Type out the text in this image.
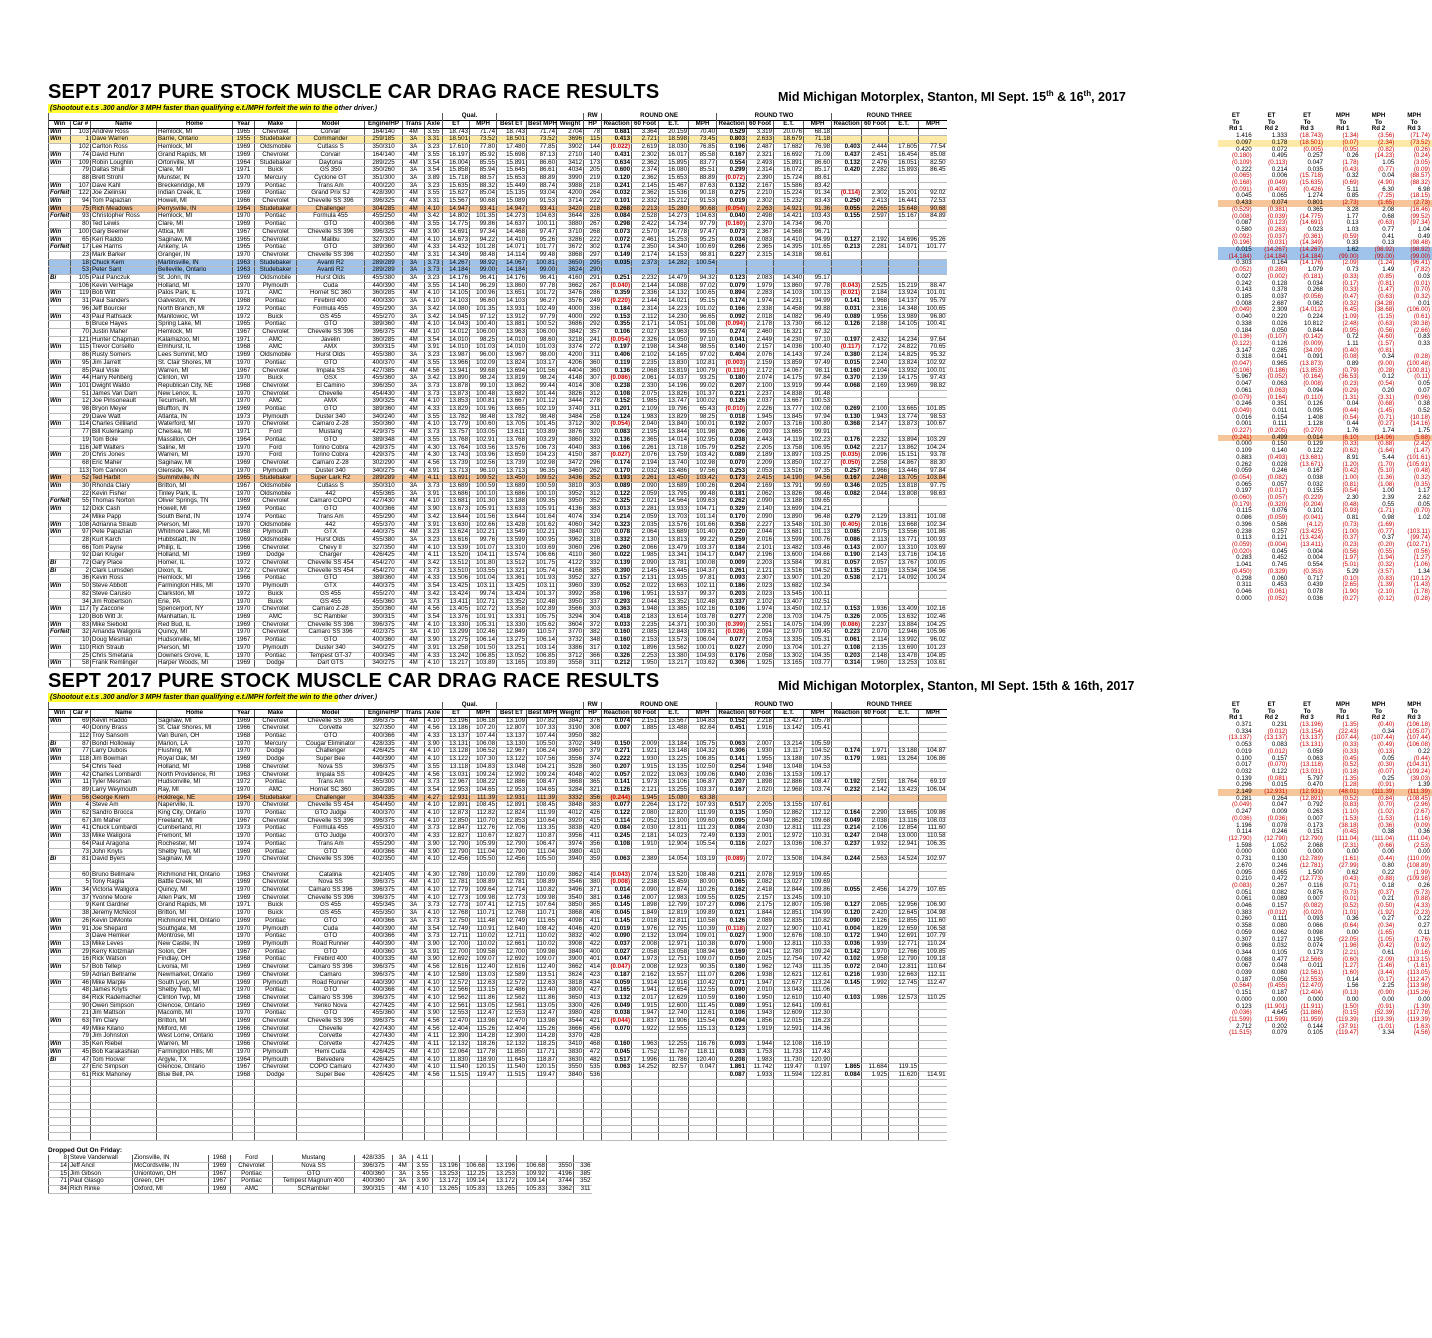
SEPT 2017 PURE STOCK MUSCLE CAR DRAG RACE RESULTS	Mid Michigan Motorplex, Stanton, MI Sept. 15th & 16th, 2017
(Shootout e.t.s .300 and/or 3 MPH faster than qualifying e.t./MPH forfeit the win to the other driver.)
										Qual.					RW	ROUND ONE				ROUND TWO				ROUND THREE			
Win	Car #	Name	Home	Year	Make	Model	Engine/HP	Trans	Axle	ET	MPH	Best ET	Best MPH	Weight	HP	Reaction	60 Foot	E.T.	MPH	Reaction	60 Foot	E.T.	MPH	Reaction	60 Foot	E.T.	MPH
Win	103	Andrew Ross	Hemlock, MI	1965	Chevrolet	Corvair	164/140	4M	3.55	18.743	71.74	18.743	71.74	2704	78	0.681	3.364	20.159	70.40	0.529	3.319	20.076	68.18				
Win	1	Dave Warren	Barrie, Ontario	1955	Studebaker	Commander	259/185	3A	3.31	18.501	73.52	18.501	73.52	3696	115	0.413	2.721	18.598	73.45	0.803	2.633	18.679	71.18				
	102	Carlton Ross	Hemlock, MI	1969	Oldsmobile	Cutlass S	350/310	3A	3.23	17.610	77.80	17.480	77.85	3902	144	(0.022)	2.619	18.030	76.85	0.196	2.487	17.682	76.98	0.403	2.444	17.605	77.54
Win	74	David Huhn	Grand Rapids, MI	1969	Chevrolet	Corvair	164/140	4M	3.55	16.197	85.92	15.698	87.13	2710	140	0.431	2.302	16.017	85.58	0.167	2.321	16.692	71.09	0.437	2.451	16.454	85.08
Win	109	Robin Loughlin	Ortonville, MI	1964	Studebaker	Daytona	289/225	4M	3.54	16.004	85.55	15.891	86.60	3412	173	0.634	2.362	15.895	83.77	0.554	2.493	15.891	86.60	0.132	2.476	16.051	82.50
	79	Dallas Shull	Clare, MI	1971	Buick	GS 350	350/260	3A	3.54	15.858	85.94	15.645	86.61	4034	205	0.600	2.374	16.080	85.51	0.299	2.314	16.072	85.17	0.420	2.282	15.893	86.45
	88	Brett Strohl	Munster, IN	1970	Mercury	Cyclone GT	351/300	3A	3.89	15.718	88.57	15.653	88.89	3990	219	0.120	2.362	15.653	88.89	(0.072)	2.390	15.724	88.61				
Win	107	Dave Kahl	Breckenridge, MI	1979	Pontiac	Trans Am	400/220	3A	3.23	15.635	88.32	15.449	88.74	3988	218	0.241	2.145	15.467	87.63	0.132	2.167	15.586	83.42				
Forfeit	122	Joe Zielinski	Indian Creek, IL	1969	Pontiac	Grand Prix SJ	428/390	4M	3.55	15.627	85.04	15.135	93.04	4200	264	0.032	2.362	15.536	90.18	0.275	2.210	15.224	91.34	(0.114)	2.302	15.201	92.02
Win	94	Tom Papazian	Howell, MI	1966	Chevrolet	Chevelle SS 396	396/325	4M	3.31	15.567	90.68	15.089	91.53	3714	222	0.101	2.332	15.212	91.53	0.019	2.302	15.232	83.43	0.250	2.413	16.441	72.53
Win	75	Rich Meadows	Perrysville, IN	1964	Studebaker	Challenger	304/285	4M	4.10	14.947	93.41	14.947	93.41	3420	218	0.268	2.213	15.280	90.68	(0.054)	2.263	14.921	91.36	0.055	2.265	15.648	90.68
Forfeit	93	Christopher Ross	Hemlock, MI	1970	Pontiac	Formula 455	455/250	4M	3.42	14.802	101.35	14.273	104.63	3644	326	0.084	2.528	14.273	104.63	0.040	2.498	14.421	103.43	0.155	2.597	15.167	84.89
	80	Ted Lewis	Clare, MI	1969	Pontiac	GTO	400/366	4M	3.55	14.775	99.86	14.637	100.11	3880	267	0.298	2.422	14.734	97.79	(0.160)	2.370	14.734	96.70				
Win	100	Gary Beemer	Attica, MI	1967	Chevrolet	Chevelle SS 396	396/325	4M	3.90	14.691	97.34	14.468	97.47	3710	268	0.073	2.570	14.778	97.47	0.073	2.367	14.568	96.71				
Win	65	Keri Raddo	Saginaw, MI	1965	Chevrolet	Malibu	327/300	4M	4.10	14.673	94.22	14.410	95.26	3286	222	0.072	2.461	15.253	95.25	0.034	2.083	14.410	94.99	0.127	2.192	14.696	95.26
Forfeit	17	Lee Harms	Ankeny, IA	1965	Pontiac	GTO	389/360	4M	4.33	14.432	101.28	14.071	101.77	3672	302	0.174	2.350	14.340	100.69	0.266	2.365	14.395	101.65	0.213	2.281	14.071	101.77
	23	Mark Barker	Granger, IN	1970	Chevrolet	Chevelle SS 396	402/350	4M	3.31	14.349	98.48	14.114	99.48	3868	297	0.149	2.174	14.153	98.81	0.227	2.315	14.318	98.61				
	18	Chuck Kern	Martinsville, IN	1963	Studebaker	Avanti R2	289/289	3A	3.73	14.267	98.92	14.067	100.81	3650	295	0.035	2.373	14.282	100.54								
	53	Peter Sant	Belleville, Ontario	1963	Studebaker	Avanti R2	289/289	3A	3.73	14.184	99.00	14.184	99.00	3624	290												
Bi	105	Paul Panczuk	St. John, IN	1969	Oldsmobile	Hurst Olds	455/380	3A	3.23	14.176	96.41	14.176	96.41	4160	291	0.251	2.232	14.479	94.32	0.123	2.083	14.340	95.17				
	106	Kevin VerHage	Holland, MI	1970	Plymouth	Cuda	440/390	4M	3.55	14.140	96.29	13.860	97.78	3662	267	(0.040)	2.144	14.088	97.02	0.079	1.979	13.860	97.78	(0.043)	2.525	15.219	88.47
Win	119	Bob Witt	Palos Park, IL	1971	AMC	Hornet SC 360	360/285	4M	4.10	14.105	100.96	13.651	101.72	3476	286	0.359	2.336	14.132	100.65	0.894	2.283	14.103	100.13	(0.021)	2.184	13.924	101.01
Win	31	Paul Sanders	Galveston, IN	1968	Pontiac	Firebird 400	400/330	3A	4.10	14.103	96.60	14.103	96.27	3576	249	(0.220)	2.144	14.021	95.15	0.174	1.974	14.231	94.99	0.141	1.968	14.137	95.79
	96	Jeff Bourcier	North Branch, MI	1972	Pontiac	Formula 455	455/290	3A	3.42	14.080	101.35	13.931	102.49	4000	336	0.184	2.314	14.223	101.02	0.166	2.338	14.458	99.88	0.031	2.316	14.348	100.65
Win	43	Paul Rathsack	Manitowoc, WI	1972	Buick	GS 455	455/270	3A	3.42	14.045	97.12	13.912	97.79	4000	292	0.153	2.112	14.230	96.65	0.092	2.018	14.082	96.49	0.089	1.956	13.989	96.80
	6	Bruce Hayes	Spring Lake, MI	1965	Pontiac	GTO	389/360	4M	4.10	14.043	100.40	13.881	100.52	3686	292	0.355	2.171	14.051	101.08	(0.094)	2.178	13.730	66.12	0.126	2.188	14.105	100.41
	70	Justin Maher	Hemlock, MI	1967	Chevrolet	Chevelle SS 396	396/375	4M	4.10	14.012	106.00	13.963	106.00	3842	357	0.106	2.027	13.963	99.55	0.274	2.460	16.321	67.32				
	121	Hunter Chapman	Kalamazoo, MI	1971	AMC	Javelin	360/285	4M	3.54	14.010	98.25	14.010	98.60	3218	241	(0.054)	2.326	14.050	97.10	0.041	2.449	14.230	97.10	0.197	2.432	14.234	97.64
Win	115	Trevor Corsello	Elmhurst, IL	1968	AMC	AMX	390/315	4M	3.91	14.010	101.03	14.010	101.03	3374	272	0.197	2.198	14.348	98.55	0.140	2.157	14.036	100.40	(0.117)	7.172	24.822	70.65
	86	Rusty Somers	Lees Summit, MO	1969	Oldsmobile	Hurst Olds	455/380	3A	3.23	13.987	96.00	13.967	98.00	4200	311	0.406	2.102	14.165	97.02	0.404	2.076	14.143	97.24	0.380	2.124	14.825	95.32
Win	95	Jim Jarrett	St. Clair Shores, MI	1970	Pontiac	GTO	400/370	4M	3.55	13.966	102.09	13.824	103.17	4206	360	0.119	2.235	13.830	102.81	(0.003)	2.159	13.859	97.49	0.015	2.240	13.824	102.92
	85	Paul Visle	Warren, MI	1967	Chevrolet	Impala SS	427/385	4M	4.56	13.941	99.68	13.694	101.56	4404	360	0.136	2.068	13.819	100.79	(0.110)	2.172	14.067	98.11	0.160	2.104	13.932	100.01
Win	44	Harry Rehberg	Clinton, WI	1970	Buick	GSX	455/360	3A	3.42	13.890	98.24	13.819	98.24	4148	307	(0.086)	2.061	14.037	93.25	0.180	2.074	14.175	97.84	0.370	2.139	14.175	97.43
Win	101	Dwight Waldo	Republican City, NE	1968	Chevrolet	El Camino	396/350	3A	3.73	13.878	99.10	13.862	99.44	4014	308	0.238	2.330	14.196	99.02	0.207	2.100	13.919	99.44	0.068	2.169	13.969	98.82
	51	James Van Dam	New Lenox, IL	1970	Chevrolet	Chevelle	454/430	4M	3.73	13.873	100.48	13.682	101.44	3826	312	0.108	2.075	13.826	101.37	0.221	2.237	14.838	91.48				
Win	12	Joe Pinsoneault	Tecumseh, MI	1970	AMC	AMX	390/325	4M	4.10	13.853	100.81	13.667	101.12	3444	278	0.152	1.985	13.747	100.02	0.126	2.037	13.667	100.53				
	98	Bryon Meyer	Bluffton, IN	1969	Pontiac	GTO	389/360	4M	4.33	13.829	101.96	13.665	102.19	3740	311	0.201	2.109	19.796	65.43	(0.010)	2.226	13.777	102.08	0.269	2.100	13.665	101.85
	29	Dave Watt	Atlanta, IN	1973	Plymouth	Duster 340	340/240	4M	3.55	13.782	98.48	13.782	98.48	3484	258	0.124	1.983	13.829	98.25	0.018	1.945	13.845	97.94	0.130	1.943	13.774	98.53
Win	114	Charles Gilliland	Waterford, MI	1970	Chevrolet	Camaro Z-28	350/360	4M	4.10	13.779	100.60	13.705	101.45	3712	302	(0.054)	2.040	13.840	100.01	0.192	2.007	13.716	100.80	0.368	2.147	13.873	100.67
	77	Bill Kulenkamp	Chelsea, MI	1971	Ford	Mustang	429/375	4M	3.73	13.757	103.05	13.611	103.89	3876	320	0.083	2.195	13.844	101.98	0.206	2.093	13.665	99.91				
	19	Tom Bole	Massillon, OH	1964	Pontiac	GTO	389/348	4M	3.55	13.768	102.91	13.768	103.29	3860	332	0.136	2.365	14.014	102.95	0.038	2.443	14.119	102.23	0.176	2.232	13.894	103.29
	116	Jeff Walters	Saline, MI	1970	Ford	Torino Cobra	429/375	4M	4.30	13.764	103.56	13.576	106.73	4040	383	0.166	2.261	13.718	105.79	0.252	2.205	13.758	106.95	0.042	2.217	13.862	104.24
Win	20	Chris Jones	Warren, MI	1970	Ford	Torino Cobra	429/375	4M	4.30	13.743	103.96	13.659	104.23	4150	387	(0.027)	2.076	13.759	103.42	0.089	2.189	13.897	103.25	(0.035)	2.096	15.151	93.78
	68	Eric Maher	Saginaw, MI	1969	Chevrolet	Camaro Z-28	302/290	4M	4.56	13.739	102.56	13.739	102.98	3472	296	0.174	2.194	13.740	102.98	0.070	2.209	13.850	102.27	(0.050)	2.258	14.867	88.30
	113	Tom Cannon	Glenside, PA	1970	Plymouth	Duster 340	340/275	4M	3.91	13.713	96.10	13.713	96.35	3460	262	0.170	2.032	13.486	97.56	0.253	2.053	13.516	97.35	0.257	1.966	13.446	97.84
Win	52	Ted Harbit	Summitville, IN	1965	Studebaker	Super Lark R2	289/289	4M	4.11	13.691	109.52	13.450	109.52	3436	352	0.193	2.261	13.450	103.42	0.173	2.415	14.190	94.56	0.167	2.248	13.705	103.84
Win	30	Rhonda Clary	Britton, MI	1967	Oldsmobile	Cutlass S	350/310	3A	3.73	13.689	100.59	13.689	100.59	3810	303	0.089	2.090	13.689	100.26	0.204	2.169	13.791	99.69	0.346	2.025	13.818	97.75
	22	Kevin Fisher	Tinley Park, IL	1970	Oldsmobile	442	455/365	3A	3.91	13.686	100.10	13.686	100.10	3952	312	0.122	2.059	13.795	99.48	0.181	2.062	13.826	98.46	0.082	2.044	13.808	98.63
Forfeit	55	Thomas Norton	Oliver Springs, TN	1969	Chevrolet	Camaro COPO	427/430	4M	4.10	13.681	101.30	13.188	109.35	3950	352	0.325	2.021	14.564	109.63	0.262	2.090	13.188	109.65				
Win	12	Dick Cash	Howell, MI	1969	Pontiac	GTO	400/366	4M	3.90	13.673	105.91	13.633	105.91	4136	383	0.013	2.281	13.933	104.71	0.329	2.140	13.699	104.21				
	24	Mike Papp	South Bend, IN	1974	Pontiac	Trans Am	455/290	4M	3.42	13.644	101.56	13.644	101.64	4074	334	0.214	2.059	13.703	101.14	0.170	2.090	13.890	96.48	0.279	2.129	13.811	101.08
Win	108	Adrianna Straub	Pierson, MI	1970	Oldsmobile	442	455/370	4M	3.91	13.630	102.66	13.428	101.62	4060	342	0.323	2.035	13.576	101.66	0.358	2.227	13.548	101.30	(0.405)	2.016	13.668	102.34
Win	97	Pete Papazian	Whitmore Lake, MI	1968	Plymouth	GTX	440/375	4M	3.23	13.624	102.21	13.549	102.21	3840	320	0.078	2.064	13.689	101.40	0.220	2.044	13.681	101.13	0.085	2.075	13.556	101.86
	28	Kurt Karch	Hubbstadt, IN	1969	Oldsmobile	Hurst Olds	455/380	3A	3.23	13.616	99.76	13.599	100.95	3962	318	0.332	2.130	13.813	99.22	0.259	2.016	13.599	100.76	0.086	2.113	13.771	100.93
	66	Tom Payne	Philip, IL	1966	Chevrolet	Chevy II	327/350	4M	4.10	13.539	101.07	13.310	103.69	3060	296	0.260	2.066	13.479	103.37	0.184	2.101	13.482	103.46	0.143	2.007	13.310	103.69
	92	Dan Kruger	Holland, MI	1969	Dodge	Charger	426/425	4M	4.11	13.520	104.11	13.574	106.66	4110	360	0.022	1.985	13.341	104.17	0.047	2.196	13.600	104.66	0.190	2.143	13.716	104.16
Bi	72	Gary Place	Homer, IL	1972	Chevrolet	Chevelle SS 454	454/270	4M	3.42	13.512	101.80	13.512	101.75	4122	332	0.139	2.090	13.781	100.08	0.009	2.203	13.584	99.81	0.057	2.057	13.767	100.05
Bi	2	Clark Lumsden	Dixon, IL	1972	Chevrolet	Chevelle SS 454	454/270	4M	3.73	13.510	103.55	13.321	105.74	4168	385	0.390	2.145	13.445	104.37	0.261	2.121	13.516	104.52	0.135	2.119	13.534	104.56
	36	Kevin Ross	Hemlock, MI	1966	Pontiac	GTO	389/360	4M	4.33	13.506	101.04	13.361	101.93	3952	327	0.157	2.131	13.935	97.81	0.093	2.307	13.907	101.20	0.538	2.171	14.092	100.24
Win	50	Steve Abbott	Farmington Hills, MI	1970	Plymouth	GTX	440/375	4M	3.54	13.425	103.11	13.425	103.11	3960	339	0.052	2.022	13.663	102.11	0.186	2.023	13.682	102.34				
	82	Steve Carusio	Clarkston, MI	1972	Buick	GS 455	455/270	4M	3.42	13.424	99.74	13.424	101.37	3992	358	0.196	1.951	13.537	99.37	0.203	2.023	13.545	100.11				
	34	Jim Robertson	Erie, PA	1970	Buick	GS 455	455/360	3A	3.73	13.411	102.71	13.352	102.48	3950	337	0.293	2.044	13.352	102.48	0.337	2.102	13.407	102.51				
Win	117	Ty Zaccone	Spencerport, NY	1970	Chevrolet	Camaro Z-28	350/360	4M	4.56	13.405	102.72	13.358	102.89	3566	303	0.363	1.948	13.385	102.16	0.106	1.974	13.450	102.17	0.153	1.936	13.409	102.16
	120	Bob Witt Jr.	Manhattan, IL	1969	AMC	SC Rambler	390/315	4M	3.54	13.376	101.91	13.331	105.75	3294	304	0.418	2.183	13.614	103.78	0.277	2.208	13.703	104.75	0.326	2.005	13.632	102.46
Win	83	Mike Siebold	Red Bud, IL	1969	Chevrolet	Chevelle SS 396	396/375	4M	4.10	13.330	105.31	13.330	105.62	3604	372	0.033	2.235	14.371	100.30	(0.399)	2.551	14.075	104.99	(0.086)	2.237	13.884	104.25
Forfeit	32	Amanda Waligora	Quincy, MI	1970	Chevrolet	Camaro SS 396	402/375	3A	4.10	13.299	102.46	12.849	110.57	3770	382	0.160	2.085	12.843	109.61	(0.028)	2.094	12.970	109.45	0.223	2.070	12.946	105.96
	10	Doug Mesman	Hudsonville, MI	1967	Pontiac	GTO	400/360	4M	3.90	13.275	106.14	13.275	106.14	3732	348	0.160	2.153	13.573	106.04	0.077	2.053	13.335	105.31	0.061	2.114	13.992	96.02
Win	110	Rich Straub	Pierson, MI	1970	Plymouth	Duster 340	340/275	4M	3.91	13.258	101.50	13.251	103.14	3386	317	0.102	1.896	13.562	100.01	0.027	2.090	13.704	101.27	0.108	2.135	13.690	101.23
	25	Chris Smetana	Downers Grove, IL	1970	Pontiac	Tempest GT-37	400/345	4M	4.33	13.242	106.85	13.052	106.85	3712	366	0.326	2.253	13.380	104.93	0.176	2.058	13.302	104.35	0.203	2.148	13.478	104.85
Win	58	Frank Remlinger	Harper Woods, MI	1969	Dodge	Dart GTS	340/275	4M	4.10	13.217	103.89	13.165	103.89	3558	311	0.212	1.950	13.217	103.62	0.306	1.925	13.165	103.77	0.314	1.960	13.253	103.61
ET	ET	ET	MPH	MPH	MPH
To	To	To	To	To	To
Rd 1	Rd 2	Rd 3	Rd 1	Rd 2	Rd 3
1.416	1.333	(18.743)	(1.34)	(3.56)	(71.74)
0.097	0.178	(18.501)	(0.07)	(2.34)	(73.52)
0.420	0.072	(0.005)	(0.95)	(0.82)	(0.26)
(0.180)	0.495	0.257	0.26	(14.23)	(0.24)
(0.109)	(0.113)	0.047	(1.78)	1.05	(3.05)
0.222	0.214	0.035	(0.43)	(0.77)	(0.09)
(0.065)	0.006	(15.718)	0.32	0.04	(88.57)
(0.168)	(0.049)	(15.635)	(0.69)	(4.90)	(88.32)
(0.091)	(0.403)	(0.426)	5.11	6.30	6.98
0.045	0.065	1.274	0.85	(7.25)	(18.15)
0.433	0.074	0.801	(2.73)	(1.65)	(2.73)
(0.529)	(0.381)	0.365	3.28	2.08	(16.46)
(0.008)	(0.039)	(14.775)	1.77	0.68	(99.52)
0.087	(0.123)	(14.691)	0.13	(0.63)	(97.34)
0.580	(0.263)	0.023	1.03	0.77	1.04
(0.092)	(0.037)	(0.361)	(0.59)	0.41	0.49
(0.196)	(0.031)	(14.349)	0.33	0.13	(98.48)
0.015	(14.267)	(14.267)	1.62	(98.92)	(98.92)
(14.184)	(14.184)	(14.184)	(99.00)	(99.00)	(99.00)
0.303	0.164	(14.176)	(2.09)	(1.24)	(96.41)
(0.052)	(0.280)	1.079	0.73	1.49	(7.82)
0.027	(0.002)	(0.181)	(0.33)	(0.85)	0.03
0.242	0.128	0.034	(0.17)	(0.81)	(0.01)
0.143	0.378	0.268	(0.33)	(1.47)	(0.70)
0.185	0.037	(0.056)	(0.47)	(0.63)	(0.32)
0.008	2.687	0.062	(0.32)	(34.28)	0.01
(0.049)	2.309	(14.012)	(6.45)	(38.68)	(106.00)
0.040	0.220	0.224	(1.09)	(1.15)	(0.61)
0.338	0.026	10.812	(2.48)	(0.63)	(30.38)
0.184	0.050	0.844	(0.95)	(0.56)	(2.66)
(0.136)	(0.107)	(0.142)	0.72	(4.60)	0.83
(0.122)	0.126	(0.009)	1.11	(1.57)	0.33
3.147	0.285	(34.09)	(0.40)	(0.81)	
0.318	0.041	0.091	(0.08)	0.34	(0.28)
(0.047)	0.965	(13.873)	0.89	(9.00)	(100.48)
(0.106)	(0.186)	(13.853)	(0.79)	(0.28)	(100.81)
5.967	(0.052)	(0.164)	(36.53)	0.12	(0.11)
0.047	0.063	(0.008)	(0.23)	(0.54)	0.05
0.061	(0.063)	0.094	(0.29)	0.20	0.07
(0.079)	(0.164)	(0.110)	(1.31)	(3.31)	(0.96)
0.246	0.351	0.126	0.04	(0.68)	0.38
(0.049)	0.011	0.095	(0.44)	(1.45)	0.52
0.016	0.154	1.408	(0.54)	(0.71)	(10.18)
0.001	0.111	1.128	0.44	(0.27)	(14.16)
(0.227)	(0.205)	(0.270)	1.76	1.74	1.75
(0.241)	0.499	0.014	(6.10)	(14.96)	(5.68)
0.000	0.150	0.129	(0.33)	(0.88)	(2.42)
0.109	0.140	0.122	(0.62)	(1.64)	(1.47)
0.883	(0.493)	(13.681)	8.91	5.44	(101.61)
0.262	0.028	(13.671)	(1.20)	(1.70)	(105.91)
0.059	0.246	0.167	(0.42)	(5.10)	(0.48)
(0.054)	(0.082)	0.038	(1.00)	(1.36)	(0.32)
0.065	0.057	0.032	(0.81)	(1.08)	(0.35)
0.197	(0.017)	0.155	(0.54)	1.00	1.17
(0.060)	(0.057)	(0.229)	2.30	2.39	2.62
(0.179)	(0.320)	(0.204)	(0.48)	0.55	0.05
0.115	0.076	0.101	(0.93)	(1.71)	(0.70)
0.086	(0.059)	(0.041)	0.81	0.98	1.02
0.396	0.586	(4.12)	(0.73)	(1.69)	
0.238	0.257	(13.425)	(1.00)	(0.77)	(103.11)
0.113	0.121	(13.424)	(0.37)	0.37	(99.74)
(0.059)	(0.004)	(13.411)	(0.23)	(0.20)	(102.71)
(0.020)	0.045	0.004	(0.56)	(0.55)	(0.56)
0.283	0.452	0.004	(1.97)	(1.94)	(1.27)
1.041	0.745	0.554	(5.01)	(0.32)	(1.06)
(0.450)	(0.329)	(0.353)	5.29	(3.57)	1.34
0.298	0.060	0.717	(0.10)	(0.83)	(10.12)
0.311	0.453	0.439	(2.65)	(1.39)	(1.43)
0.046	(0.061)	0.078	(1.90)	(2.10)	(1.78)
0.000	(0.052)	0.036	(0.27)	(0.12)	(0.28)
SEPT 2017 PURE STOCK MUSCLE CAR DRAG RACE RESULTS	Mid Michigan Motorplex, Stanton, MI Sept. 15th & 16th, 2017
(Shootout e.t.s .300 and/or 3 MPH faster than qualifying e.t./MPH forfeit the win to the other driver.)
										Qual.					RW	ROUND ONE				ROUND TWO				ROUND THREE			
Win	Car #	Name	Home	Year	Make	Model	Engine/HP	Trans	Axle	ET	MPH	Best ET	Best MPH	Weight	HP	Reaction	60 Foot	E.T.	MPH	Reaction	60 Foot	E.T.	MPH	Reaction	60 Foot	E.T.	MPH
Win	69	Kevin Raddo	Saginaw, MI	1969	Chevrolet	Chevelle SS 396	396/375	4M	4.10	13.196	106.18	13.109	107.82	3842	376	0.074	2.151	13.567	104.83	0.152	2.218	13.427	105.78				
	40	Donny Brass	St. Clair Shores, MI	1966	Chevrolet	Corvette	327/350	4M	4.56	13.186	107.20	12.807	107.33	3190	308	0.007	1.885	13.488	82.64	0.451	1.916	13.142	105.41				
	112	Troy Sansom	Van Buren, OH	1968	Pontiac	GTO	400/366	4M	4.33	13.137	107.44	13.137	107.44	3950	382												
Bi	87	Bondi Holloway	Marion, LA	1970	Mercury	Cougar Eliminator	428/335	4M	3.90	13.131	106.08	13.130	105.50	3702	349	0.150	2.009	13.184	105.75	0.063	2.007	13.214	105.59				
Win	77	Larry Dubois	Flushing, MI	1970	Dodge	Challenger	426/425	4M	4.10	13.128	106.52	12.967	106.24	3960	379	0.271	1.921	13.148	104.32	0.306	1.930	13.117	104.52	0.174	1.971	13.188	104.87
Win	118	Jim Bowman	Royal Oak, MI	1969	Dodge	Super Bee	440/390	4M	4.10	13.122	107.30	13.122	107.56	3556	374	0.222	1.930	13.225	106.85	0.141	1.955	13.188	107.35	0.179	1.981	13.264	106.86
	54	Chris Teed	Holland, MI	1968	Chevrolet	Nova SS	396/375	4M	3.55	13.118	104.83	13.048	104.21	3528	360	0.207	1.915	13.135	102.50	0.254	1.948	13.048	104.53				
Win	42	Charles Lombardi	North Providence, RI	1963	Chevrolet	Impala SS	409/425	4M	4.56	13.031	109.24	12.992	109.24	4048	402	0.057	2.022	13.063	109.06	0.040	2.036	13.153	109.17				
Win	11	Tyler Mesman	Hudsonville, MI	1972	Pontiac	Trans Am	455/300	4M	3.73	12.967	108.22	12.886	108.47	3668	365	0.141	1.973	13.106	106.87	0.207	1.898	12.886	108.47	0.192	2.591	18.764	69.19
	89	Larry Weymouth	Ray, MI	1970	AMC	Hornet SC 360	360/285	4M	3.54	12.953	104.65	12.953	104.65	3284	321	0.126	2.121	13.255	103.37	0.167	2.020	12.968	103.74	0.232	2.142	13.423	106.04
Win	56	George Krem	Holdrege, NE	1964	Studebaker	Challenger	304/335	4M	4.27	12.931	111.39	12.931	111.39	3332	356	(0.244)	1.945	15.080	63.38								
Win	4	Steve Am	Naperville, IL	1970	Chevrolet	Chevelle SS 454	454/450	4M	4.10	12.891	108.45	12.891	108.45	3848	383	0.077	2.264	13.172	107.93	0.517	2.205	13.155	107.61				
Win	62	Sandro Brocca	King City, Ontario	1970	Pontiac	GTO Judge	400/370	4M	4.10	12.873	112.82	12.824	111.99	4012	426	0.122	2.080	12.820	111.99	0.135	1.950	12.862	112.12	0.164	2.290	13.665	109.86
	67	Jim Maher	Freeland, MI	1967	Chevrolet	Chevelle SS 396	396/375	4M	4.10	12.850	110.70	12.853	110.64	3920	415	0.114	2.052	13.100	109.60	0.095	2.049	12.862	109.68	0.049	2.038	13.116	108.03
Win	41	Chuck Lombardi	Cumberland, RI	1973	Pontiac	Formula 455	455/310	4M	3.73	12.847	112.76	12.706	113.35	3838	420	0.084	2.030	12.811	111.23	0.084	2.030	12.811	111.23	0.214	2.106	12.854	111.60
Win	33	Mike Waligora	Fremont, MI	1970	Pontiac	GTO Judge	400/370	4M	4.33	12.827	110.67	12.827	110.87	3956	411	0.245	2.181	14.023	72.49	0.133	2.001	12.972	110.31	0.247	2.048	13.000	110.58
	64	Paul Aragona	Rochester, MI	1974	Pontiac	Trans Am	455/290	4M	3.90	12.790	105.99	12.790	106.47	3974	356	0.108	1.910	12.904	105.54	0.116	2.027	13.036	106.37	0.237	1.932	12.941	106.35
	73	John Knyts	Shelby Twp, MI	1969	Pontiac	GTO	400/366	4M	3.90	12.790	111.04	12.790	111.04	3980	410												
Bi	81	David Byers	Saginaw, MI	1970	Chevrolet	Chevelle SS 396	402/350	4M	4.10	12.456	105.50	12.456	105.50	3940	359	0.063	2.389	14.054	103.19	(0.089)	2.072	13.508	104.84	0.244	2.563	14.524	102.97

	60	Bruno Bellmare	Richmond Hill, Ontario	1963	Chevrolet	Catalina	421/405	4M	4.30	12.789	110.09	12.789	110.09	3862	414	(0.043)	2.074	13.520	108.48	0.211	2.078	12.919	109.65				
	5	Tony Raglia	Battle Creek, MI	1969	Chevrolet	Nova SS	396/375	4M	4.10	12.781	108.89	12.781	108.89	3546	380	(0.008)	2.238	15.459	80.90	0.065	2.082	13.027	109.69				
Win	34	Victoria Waligora	Quincy, MI	1970	Chevrolet	Camaro SS 396	396/375	4M	4.10	12.779	109.64	12.714	110.82	3496	371	0.014	2.090	12.874	110.26	0.162	2.418	12.844	109.86	0.055	2.456	14.279	107.65
	37	Yvonne Moore	Allen Park, MI	1969	Chevrolet	Chevelle SS 396	396/375	4M	4.10	12.773	109.98	12.773	109.98	3540	381	0.146	2.007	12.983	109.55	0.025	2.157	13.245	109.10				
	9	Kent Gardner	Grand Rapids, MI	1971	Buick	GS 455	455/345	3A	3.73	12.773	107.41	12.715	107.64	3850	365	0.145	1.898	12.799	107.27	0.096	2.175	12.807	105.98	0.127	2.065	12.956	106.90
	38	Jeremy McNicol	Britton, MI	1970	Buick	GS 455	455/350	3A	4.10	12.768	110.71	12.768	110.71	3868	406	0.045	1.849	12.819	109.89	0.021	1.844	12.851	104.99	0.120	2.420	12.645	104.98
Win	26	Kevin DiMonte	Richmond Hill, Ontario	1969	Pontiac	GTO	400/366	3A	3.73	12.750	111.48	12.749	111.65	4098	411	0.145	2.018	12.811	110.58	0.126	2.089	12.835	110.82	0.090	2.126	12.855	111.60
Win	91	Joe Shepard	Southgate, MI	1970	Plymouth	Cuda	440/390	4M	3.54	12.749	110.91	12.640	108.42	4046	420	0.019	1.976	12.795	110.39	(0.118)	2.027	12.907	110.41	0.004	1.829	12.659	106.58
	3	Dave Hemker	Montrose, MI	1970	Pontiac	GTO	400/366	4M	3.73	12.711	110.02	12.711	110.02	3832	402	0.090	2.132	13.094	109.01	0.027	1.900	12.676	108.10	0.172	1.940	12.691	107.79
Win	13	Mike Leves	New Castle, IN	1969	Plymouth	Road Runner	440/390	4M	3.90	12.700	110.02	12.661	110.02	3908	422	0.037	2.008	12.971	110.38	0.070	1.900	12.811	110.33	0.036	1.939	12.771	110.24
Win	29	Kerry Klotzman	Solon, OH	1967	Pontiac	GTO	400/360	3A	3.91	12.700	109.58	12.700	109.98	3840	400	0.027	2.058	13.058	108.94	0.169	2.041	12.780	109.24	0.142	1.970	12.766	109.85
	16	Rick Watson	Findlay, OH	1968	Pontiac	Firebird 400	400/335	4M	3.90	12.692	109.07	12.692	109.07	3900	401	0.047	1.973	12.751	109.07	0.050	2.025	12.754	107.42	0.102	1.958	12.790	109.18
Win	57	Bob Tellep	Livonia, MI	1969	Chevrolet	Camaro SS 396	396/375	4M	4.56	12.616	112.40	12.616	112.40	3662	414	(0.047)	2.008	12.923	90.35	0.180	1.962	12.743	111.35	0.072	2.040	12.811	110.64
	59	Adrian Beltrame	Newmarket, Ontario	1969	Chevrolet	Camaro	396/375	4M	4.10	12.589	113.03	12.589	113.51	3624	423	0.187	2.162	13.557	111.07	0.206	1.938	12.621	112.61	0.216	1.930	12.663	112.11
Win	46	Mike Marple	South Lyon, MI	1969	Plymouth	Road Runner	440/390	4M	4.10	12.572	112.63	12.572	112.63	3818	434	0.059	1.914	12.916	110.42	0.071	1.947	12.677	113.24	0.145	1.992	12.745	112.47
	48	James Knyts	Shelby Twp, MI	1970	Pontiac	GTO	400/366	4M	4.10	12.566	113.15	12.486	113.40	3800	427	0.165	1.941	12.654	112.55	0.090	2.010	13.043	111.06				
	84	Rick Rademacher	Clinton Twp, MI	1968	Chevrolet	Camaro SS 396	396/375	4M	4.10	12.562	111.86	12.562	111.86	3650	413	0.132	2.017	12.629	110.59	0.160	1.950	12.610	110.40	0.103	1.986	12.573	110.25
	90	Owen Simpson	Glencoe, Ontario	1969	Chevrolet	Yenko Nova	427/425	4M	4.10	12.561	113.05	12.561	113.05	3300	426	0.049	1.915	12.600	111.45	0.089	1.951	12.641	109.61				
	21	Jim Mattson	Macomb, MI	1970	Pontiac	GTO	455/360	4M	3.90	12.553	112.47	12.553	112.47	3980	428	0.038	1.947	12.740	112.61	0.106	1.943	12.609	112.30				
Win	63	Tim Clary	Britton, MI	1969	Chevrolet	Chevelle SS 396	396/375	4M	4.56	12.470	113.98	12.470	113.98	3544	421	(0.044)	1.837	11.906	115.54	0.094	1.856	12.015	116.23				
	49	Mike Kilano	Milford, MI	1966	Chevrolet	Chevelle	427/430	4M	4.56	12.404	115.26	12.404	115.26	3666	456	0.070	1.922	12.555	115.13	0.123	1.919	12.591	114.36				
	79	Jim Johnston	West Lorne, Ontario	1969	Chevrolet	Corvette	427/430	4M	4.11	12.390	114.28	12.390	114.28	3370	428												
Win	35	Ken Riebel	Warren, MI	1966	Chevrolet	Corvette	427/425	4M	4.11	12.132	118.26	12.132	118.25	3410	468	0.160	1.963	12.255	116.76	0.093	1.944	12.108	116.19				
Win	45	Bob Karakashian	Farmington Hills, MI	1970	Plymouth	Hemi Cuda	426/425	4M	4.10	12.064	117.78	11.850	117.71	3830	472	0.045	1.752	11.767	118.11	0.083	1.753	11.733	117.43				
Bi	47	Tom Hoover	Argyle, TX	1964	Plymouth	Belvedere	426/425	4M	4.10	11.830	118.90	11.645	118.87	3630	482	0.517	1.996	11.786	120.40	0.208	1.983	11.730	120.90				
	27	Eric Simpson	Glencoe, Ontario	1967	Chevrolet	COPO Camaro	427/430	4M	4.10	11.540	120.15	11.540	120.15	3550	535	0.063	14.252	82.57	0.047	1.861	11.742	119.47	0.197	1.865	11.684	119.15	
	61	Rick Mahoney	Blue Bell, PA	1968	Dodge	Super Bee	426/425	4M	4.56	11.515	119.47	11.515	119.47	3840	536					0.087	1.933	11.594	122.81	0.084	1.925	11.620	114.91

ET	ET	ET	MPH	MPH	MPH
To	To	To	To	To	To
Rd 1	Rd 2	Rd 3	Rd 1	Rd 2	Rd 3
0.371	0.231	(13.196)	(1.35)	(0.40)	(106.18)
0.334	(0.012)	(13.154)	(22.43)	0.34	(105.07)
(13.137)	(13.137)	(13.137)	(107.44)	(107.44)	(107.44)
0.053	0.083	(13.131)	(0.33)	(0.49)	(106.08)
0.019	(0.012)	0.059	(0.33)	(0.13)	0.22
0.100	0.157	0.063	(0.45)	0.05	(0.44)
0.017	(0.070)	(13.118)	(0.52)	(0.30)	(104.31)
0.032	0.122	(13.031)	(0.18)	(0.07)	(109.24)
0.139	(0.081)	5.797	(1.35)	0.25	(39.03)
0.296	0.015	0.470	(1.28)	(0.91)	1.39
2.149	(12.931)	(12.931)	(48.01)	(111.39)	(111.39)
0.281	0.264	(12.891)	(0.52)	(0.84)	(108.45)
(0.049)	0.047	0.792	(0.83)	(0.70)	(2.96)
0.247	0.009	0.263	(1.10)	(1.02)	(2.67)
(0.036)	(0.036)	0.007	(1.53)	(1.53)	(1.16)
1.196	0.078	0.173	(38.18)	(0.36)	(0.09)
0.114	0.246	0.151	(0.45)	0.38	0.36
(12.790)	(12.790)	(12.790)	(111.04)	(111.04)	(111.04)
1.598	1.052	2.068	(2.31)	(0.66)	(2.53)
0.000	0.000	0.000	0.00	0.00	0.00
0.731	0.130	(12.789)	(1.61)	(0.44)	(110.09)
2.670	0.246	(12.781)	(27.99)	0.80	(108.89)
0.095	0.065	1.500	0.62	0.22	(1.99)
0.210	0.472	(12.773)	(0.43)	(0.88)	(109.98)
(0.083)	0.267	0.116	(0.71)	0.18	0.26
0.051	0.082	0.876	(0.73)	(0.37)	(5.73)
0.061	0.089	0.007	(0.01)	0.21	(0.88)
0.046	0.157	(0.082)	(0.52)	(0.50)	(4.33)
0.383	(0.012)	(0.020)	(1.01)	(1.92)	(2.23)
0.260	0.111	0.093	0.36	0.27	0.22
0.358	0.080	0.066	(0.64)	(0.34)	0.27
0.059	0.062	0.098	0.00	(1.65)	0.11
0.307	0.127	0.195	(22.05)	(1.05)	(1.76)
0.968	0.032	0.074	(1.96)	(0.42)	(0.92)
0.344	0.105	0.173	(2.21)	0.61	(0.16)
0.088	0.477	(12.566)	(0.60)	(2.09)	(113.15)
0.067	0.048	0.011	(1.27)	(1.46)	(1.61)
0.039	0.080	(12.561)	(1.60)	(3.44)	(113.05)
0.187	0.056	(12.553)	0.14	(0.17)	(112.47)
(0.564)	(0.455)	(12.470)	1.56	2.25	(113.98)
0.151	0.187	(12.404)	(0.13)	(0.90)	(115.26)
0.000	0.000	0.000	0.00	0.00	0.00
0.123	(11.901)	(11.911)	(1.50)	(0.91)	(1.39)
(0.036)	4.645	(11.886)	(0.15)	(52.39)	(117.78)
(11.599)	(11.599)	(11.959)	(119.39)	(119.39)	(119.39)
2.712	0.202	0.144	(37.91)	(1.01)	(1.63)
(11.515)	0.079	0.105	(119.47)	3.34	(4.56)
Dropped Out On Friday:
8	Steve Vanderwall	Zionsville, IN	1968	Ford	Mustang	428/335	3A	4.11						
14	Jeff Ancil	McCordsville, IN	1969	Chevrolet	Nova SS	396/375	4M	3.55	13.196	106.68	13.196	106.68	3550	336
15	Jim Gibson	Uniontown, OH	1967	Pontiac	GTO	400/360	3A	3.55	13.253	112.25	13.253	109.92	4196	385
71	Paul Glasgo	Green, OH	1967	Pontiac	Tempest Magnum 400	400/360	3A	3.90	13.172	109.14	13.172	109.14	3744	352
84	Rich Rinke	Oxford, MI	1969	AMC	SCRambler	390/315	4M	4.10	13.265	105.83	13.265	105.83	3362	311
